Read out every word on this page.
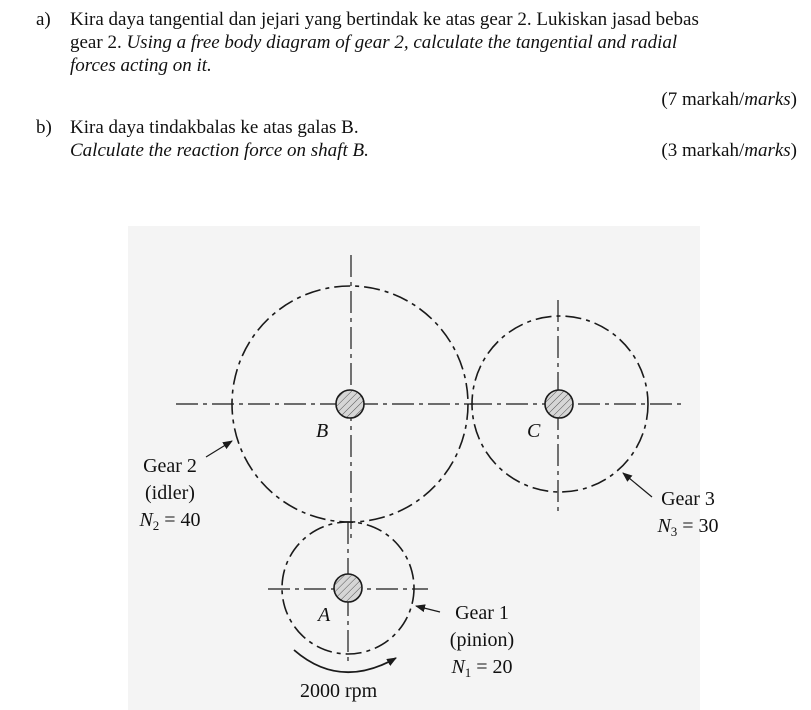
a) Kira daya tangential dan jejari yang bertindak ke atas gear 2. Lukiskan jasad bebas
gear 2. Using a free body diagram of gear 2, calculate the tangential and radial
forces acting on it.
(7 markah/marks)
b) Kira daya tindakbalas ke atas galas B.
Calculate the reaction force on shaft B.	(3 markah/marks)
B	C
A
Gear 2
(idler)
$N_2 = 40$
Gear 3
$N_3 = 30$
Gear 1
(pinion)
$N_1 = 20$
2000 rpm
